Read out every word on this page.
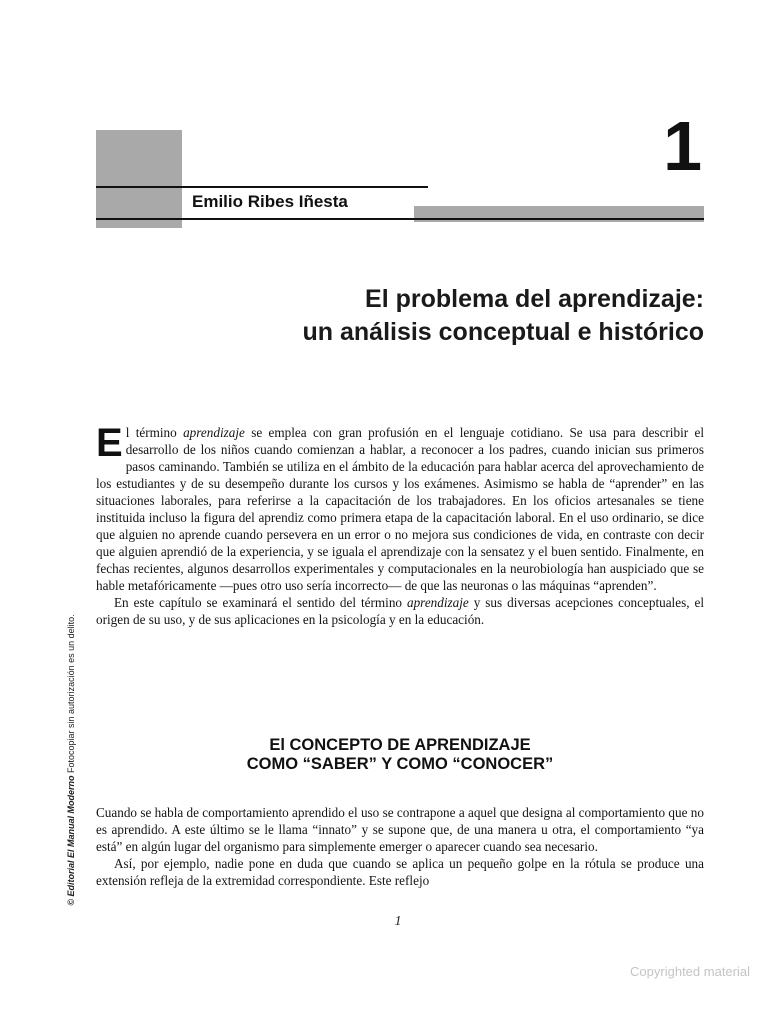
Emilio Ribes Iñesta

1

El problema del aprendizaje:
un análisis conceptual e histórico

El término aprendizaje se emplea con gran profusión en el lenguaje cotidiano. Se usa para describir el desarrollo de los niños cuando comienzan a hablar, a reconocer a los padres, cuando inician sus primeros pasos caminando. También se utiliza en el ámbito de la educación para hablar acerca del aprovechamiento de los estudiantes y de su desempeño durante los cursos y los exámenes. Asimismo se habla de “aprender” en las situaciones laborales, para referirse a la capacitación de los trabajadores. En los oficios artesanales se tiene instituida incluso la figura del aprendiz como primera etapa de la capacitación laboral. En el uso ordinario, se dice que alguien no aprende cuando persevera en un error o no mejora sus condiciones de vida, en contraste con decir que alguien aprendió de la experiencia, y se iguala el aprendizaje con la sensatez y el buen sentido. Finalmente, en fechas recientes, algunos desarrollos experimentales y computacionales en la neurobiología han auspiciado que se hable metafóricamente —pues otro uso sería incorrecto— de que las neuronas o las máquinas “aprenden”.

En este capítulo se examinará el sentido del término aprendizaje y sus diversas acepciones conceptuales, el origen de su uso, y de sus aplicaciones en la psicología y en la educación.

El CONCEPTO DE APRENDIZAJE
COMO “SABER” Y COMO “CONOCER”

Cuando se habla de comportamiento aprendido el uso se contrapone a aquel que designa al comportamiento que no es aprendido. A este último se le llama “innato” y se supone que, de una manera u otra, el comportamiento “ya está” en algún lugar del organismo para simplemente emerger o aparecer cuando sea necesario.

Así, por ejemplo, nadie pone en duda que cuando se aplica un pequeño golpe en la rótula se produce una extensión refleja de la extremidad correspondiente. Este reflejo

1
Copyrighted material
© Editorial El Manual Moderno Fotocopiar sin autorización es un delito.
